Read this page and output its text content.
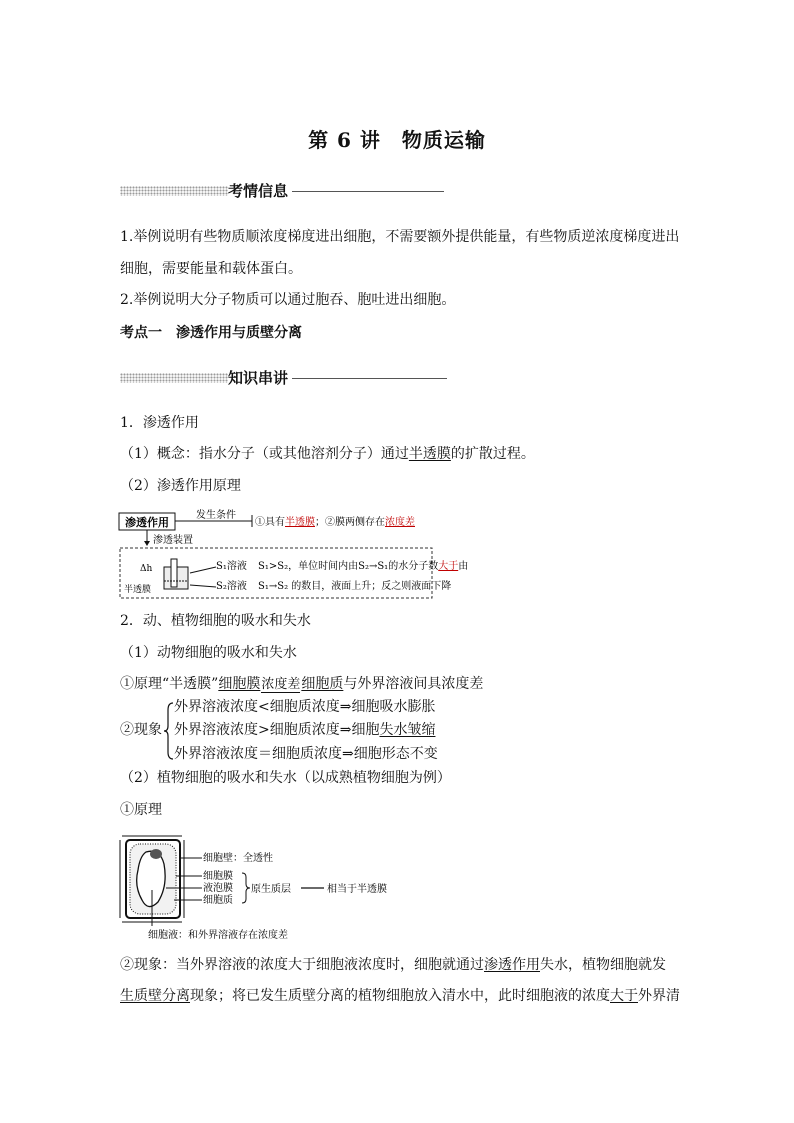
第 6 讲　物质运输
考情信息
1.举例说明有些物质顺浓度梯度进出细胞，不需要额外提供能量，有些物质逆浓度梯度进出
细胞，需要能量和载体蛋白。
2.举例说明大分子物质可以通过胞吞、胞吐进出细胞。
考点一　渗透作用与质壁分离
知识串讲
1．渗透作用
（1）概念：指水分子（或其他溶剂分子）通过半透膜的扩散过程。
（2）渗透作用原理
渗透作用
发生条件
①具有半透膜；②膜两侧存在浓度差
渗透装置
Δh
半透膜
S₁溶液
S₂溶液
S₁>S₂，单位时间内由S₂→S₁的水分子数大于由
S₁→S₂ 的数目，液面上升；反之则液面下降
2．动、植物细胞的吸水和失水
（1）动物细胞的吸水和失水
①原理“半透膜”细胞膜浓度差细胞质与外界溶液间具浓度差
②现象
外界溶液浓度<细胞质浓度⇒细胞吸水膨胀
外界溶液浓度>细胞质浓度⇒细胞失水皱缩
外界溶液浓度＝细胞质浓度⇒细胞形态不变
（2）植物细胞的吸水和失水（以成熟植物细胞为例）
①原理
细胞壁：全透性
细胞膜
液泡膜
细胞质
原生质层	相当于半透膜
细胞液：和外界溶液存在浓度差
②现象：当外界溶液的浓度大于细胞液浓度时，细胞就通过渗透作用失水，植物细胞就发
生质壁分离现象；将已发生质壁分离的植物细胞放入清水中，此时细胞液的浓度大于外界清
